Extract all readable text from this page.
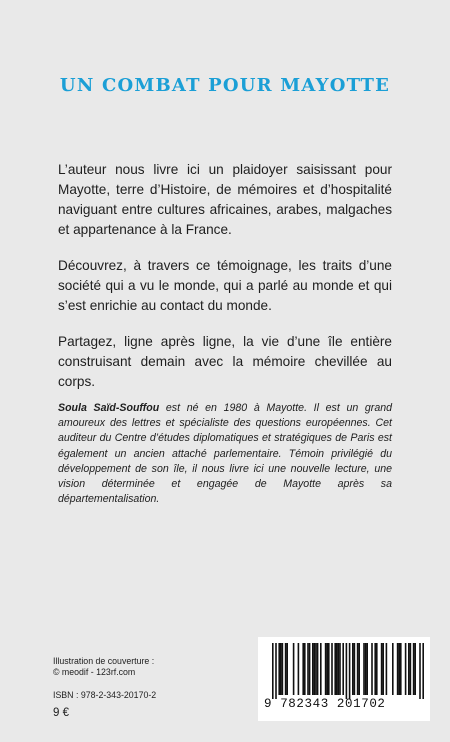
UN COMBAT POUR MAYOTTE

L’auteur nous livre ici un plaidoyer saisissant pour Mayotte, terre d’Histoire, de mémoires et d’hospitalité naviguant entre cultures africaines, arabes, malgaches et appartenance à la France.

Découvrez, à travers ce témoignage, les traits d’une société qui a vu le monde, qui a parlé au monde et qui s’est enrichie au contact du monde.

Partagez, ligne après ligne, la vie d’une île entière construisant demain avec la mémoire chevillée au corps.

Soula Saïd-Souffou est né en 1980 à Mayotte. Il est un grand amoureux des lettres et spécialiste des questions européennes. Cet auditeur du Centre d’études diplomatiques et stratégiques de Paris est également un ancien attaché parlementaire. Témoin privilégié du développement de son île, il nous livre ici une nouvelle lecture, une vision déterminée et engagée de Mayotte après sa départementalisation.

Illustration de couverture :
© meodif - 123rf.com
ISBN : 978-2-343-20170-2
9 €
9 782343 201702
